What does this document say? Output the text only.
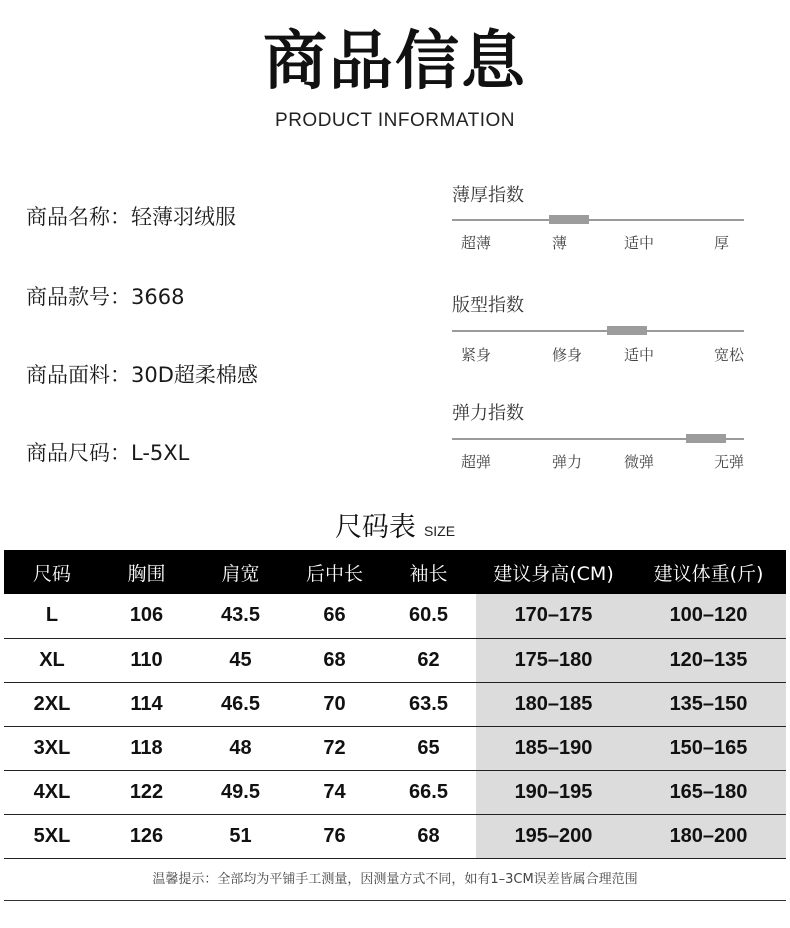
商品信息
PRODUCT INFORMATION
商品名称：轻薄羽绒服
商品款号：3668
商品面料：30D超柔棉感
商品尺码：L-5XL
薄厚指数
超薄	薄	适中	厚
版型指数
紧身	修身	适中	宽松
弹力指数
超弹	弹力	微弹	无弹
尺码表 SIZE
尺码	胸围	肩宽	后中长	袖长	建议身高(CM)	建议体重(斤)
L	106	43.5	66	60.5	170–175	100–120
XL	110	45	68	62	175–180	120–135
2XL	114	46.5	70	63.5	180–185	135–150
3XL	118	48	72	65	185–190	150–165
4XL	122	49.5	74	66.5	190–195	165–180
5XL	126	51	76	68	195–200	180–200
温馨提示：全部均为平铺手工测量，因测量方式不同，如有1–3CM误差皆属合理范围
